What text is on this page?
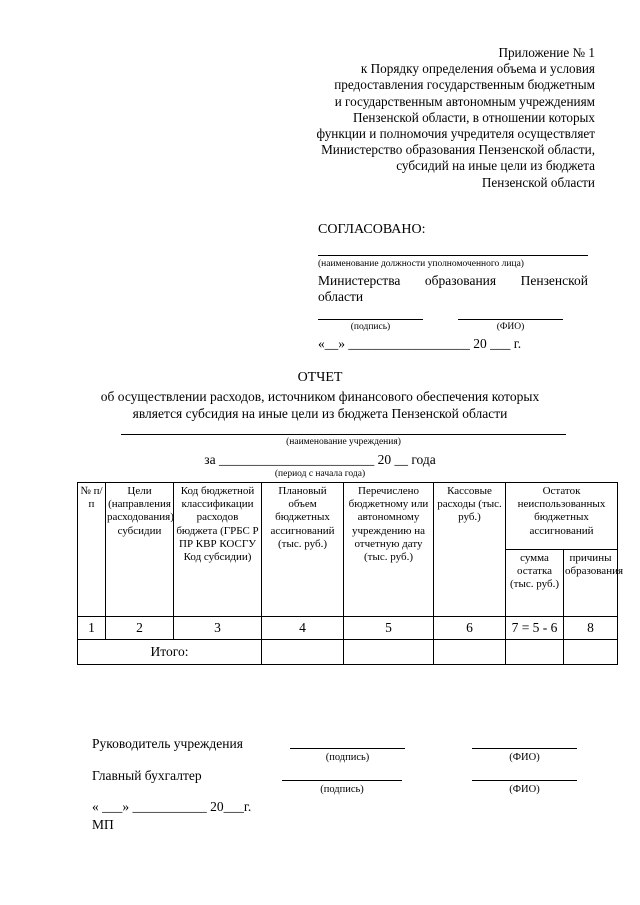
Приложение № 1
к Порядку определения объема и условия
предоставления государственным бюджетным
и государственным автономным учреждениям
Пензенской области, в отношении которых
функции и полномочия учредителя осуществляет
Министерство образования Пензенской области,
субсидий на иные цели из бюджета
Пензенской области
СОГЛАСОВАНО:
(наименование должности уполномоченного лица)
Министерства образования Пензенской
области
(подпись)	(ФИО)
«__» __________________ 20 ___ г.
ОТЧЕТ
об осуществлении расходов, источником финансового обеспечения которых
является субсидия на иные цели из бюджета Пензенской области
(наименование учреждения)
за _______________________ 20 __ года
(период с начала года)
№ п/п	Цели (направления расходования) субсидии	Код бюджетной классификации расходов бюджета (ГРБС Р ПР КВР КОСГУ Код субсидии)	Плановый объем бюджетных ассигнований (тыс. руб.)	Перечислено бюджетному или автономному учреждению на отчетную дату (тыс. руб.)	Кассовые расходы (тыс. руб.)	Остаток неиспользованных бюджетных ассигнований	
						сумма остатка (тыс. руб.)	причины образования
1	2	3	4	5	6	7 = 5 - 6	8
Итого:							
Руководитель учреждения
(подпись)	(ФИО)
Главный бухгалтер
(подпись)	(ФИО)
« ___» ___________ 20___г.
МП
